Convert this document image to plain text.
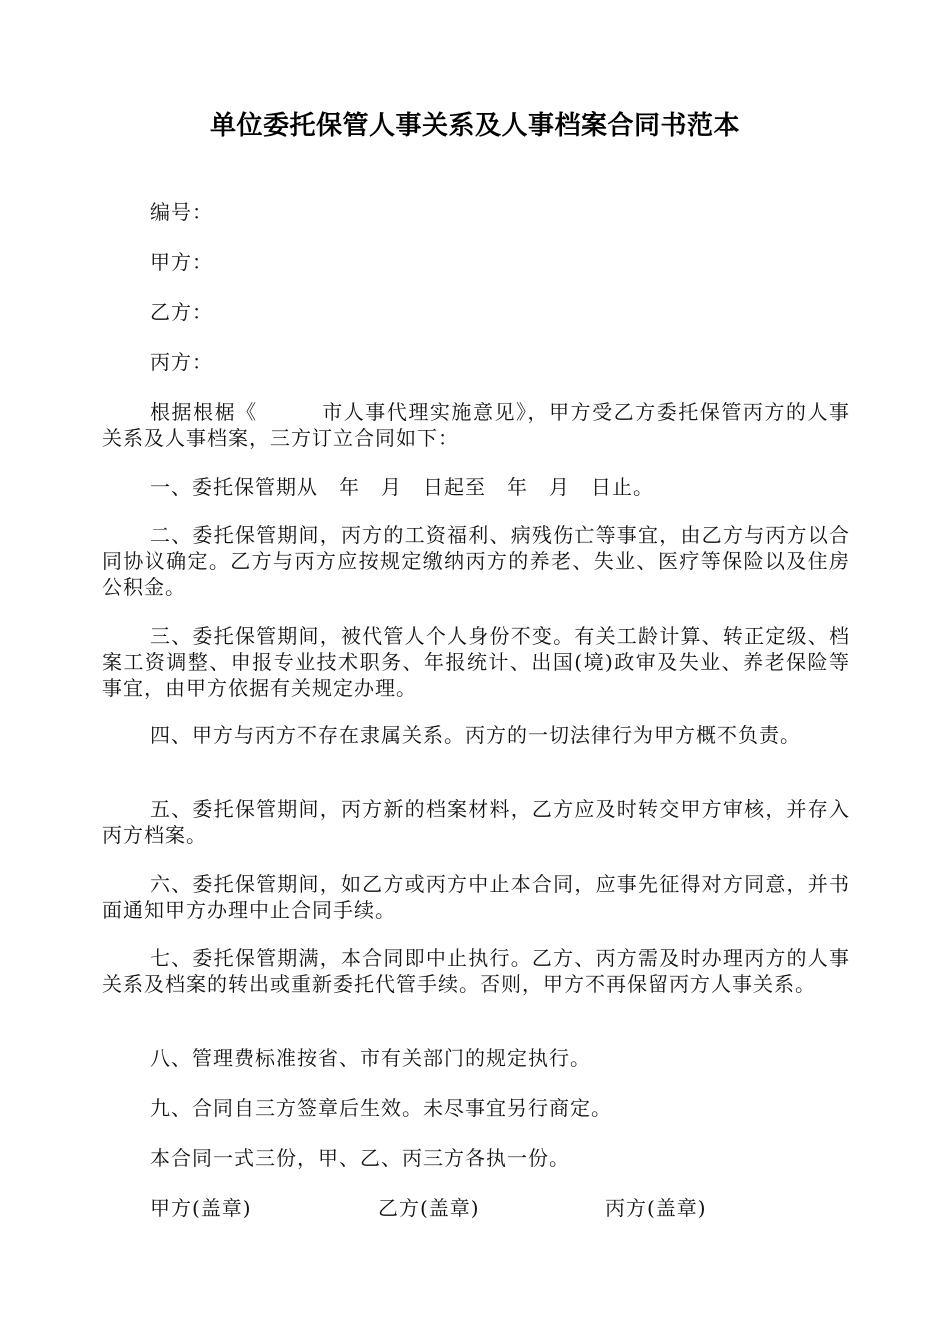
单位委托保管人事关系及人事档案合同书范本
编号：
甲方：
乙方：
丙方：
根据根椐《　　　市人事代理实施意见》，甲方受乙方委托保管丙方的人事关系及人事档案，三方订立合同如下：
一、委托保管期从　年　月　日起至　年　月　日止。
二、委托保管期间，丙方的工资福利、病残伤亡等事宜，由乙方与丙方以合同协议确定。乙方与丙方应按规定缴纳丙方的养老、失业、医疗等保险以及住房公积金。
三、委托保管期间，被代管人个人身份不变。有关工龄计算、转正定级、档案工资调整、申报专业技术职务、年报统计、出国(境)政审及失业、养老保险等事宜，由甲方依据有关规定办理。
四、甲方与丙方不存在隶属关系。丙方的一切法律行为甲方概不负责。
五、委托保管期间，丙方新的档案材料，乙方应及时转交甲方审核，并存入丙方档案。
六、委托保管期间，如乙方或丙方中止本合同，应事先征得对方同意，并书面通知甲方办理中止合同手续。
七、委托保管期满，本合同即中止执行。乙方、丙方需及时办理丙方的人事关系及档案的转出或重新委托代管手续。否则，甲方不再保留丙方人事关系。
八、管理费标准按省、市有关部门的规定执行。
九、合同自三方签章后生效。未尽事宜另行商定。
本合同一式三份，甲、乙、丙三方各执一份。
甲方(盖章)	乙方(盖章)	丙方(盖章)
